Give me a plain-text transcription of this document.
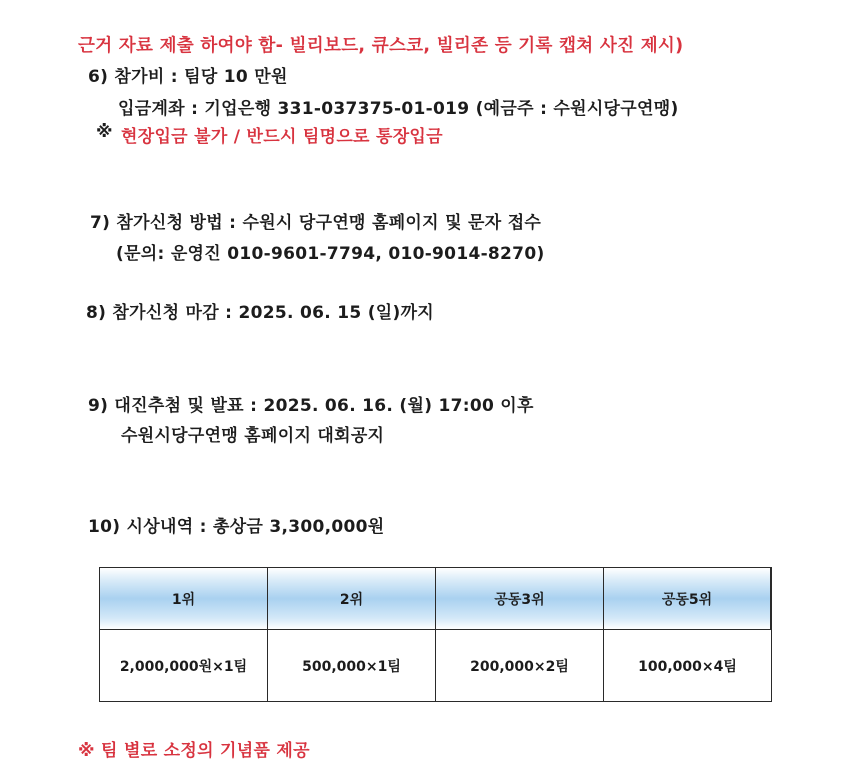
근거 자료 제출 하여야 함- 빌리보드, 큐스코, 빌리존 등 기록 캡쳐 사진 제시)
6) 참가비 : 팀당 10 만원
입금계좌 : 기업은행 331-037375-01-019 (예금주 : 수원시당구연맹)
※ 현장입금 불가 / 반드시 팀명으로 통장입금
7) 참가신청 방법 : 수원시 당구연맹 홈페이지 및 문자 접수
(문의: 운영진 010-9601-7794, 010-9014-8270)
8) 참가신청 마감 : 2025. 06. 15 (일)까지
9) 대진추첨 및 발표 : 2025. 06. 16. (월) 17:00 이후
수원시당구연맹 홈페이지 대회공지
10) 시상내역 : 총상금 3,300,000원
1위	2위	공동3위	공동5위
2,000,000원×1팀	500,000×1팀	200,000×2팀	100,000×4팀
※ 팀 별로 소정의 기념품 제공
